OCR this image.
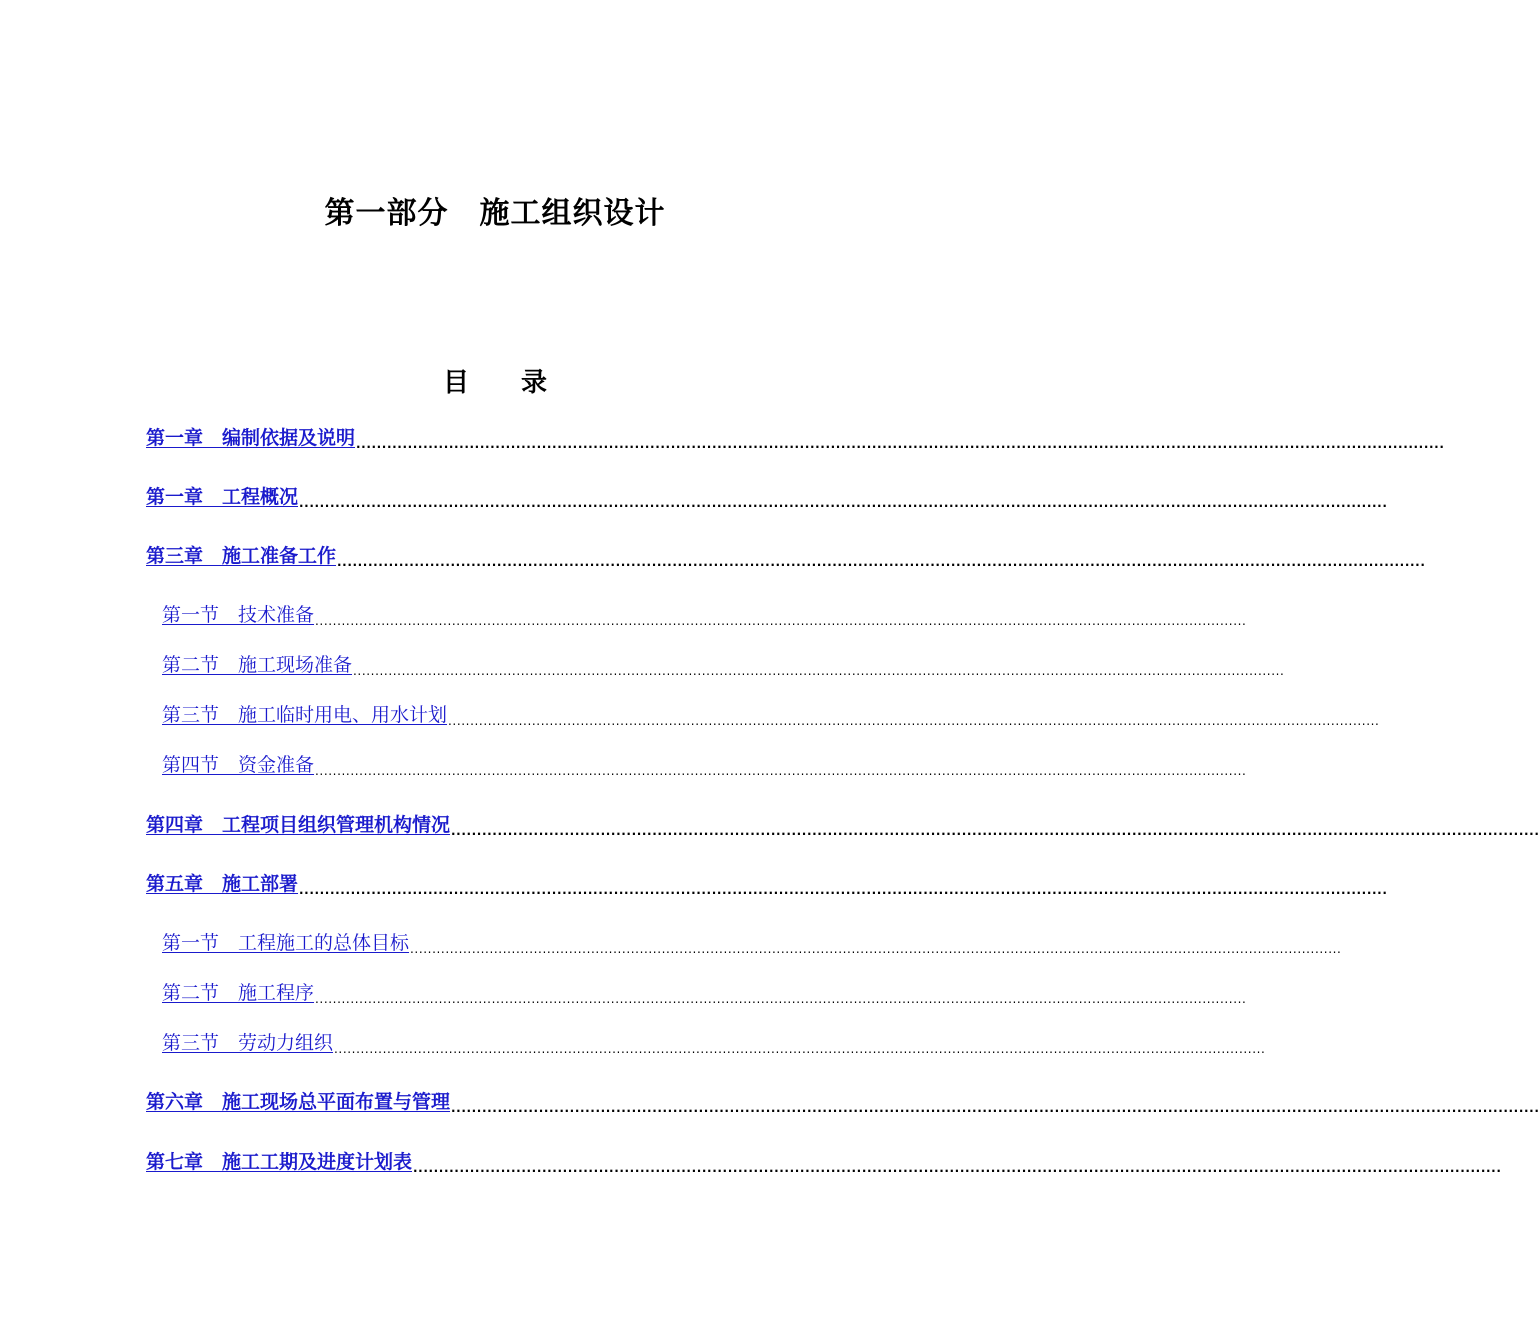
第一部分　施工组织设计
目　　录
第一章　编制依据及说明 ...................................................................................................................................................................................................................
第一章　工程概况 ...................................................................................................................................................................................................................
第三章　施工准备工作 ...................................................................................................................................................................................................................
第一节　技术准备 ...................................................................................................................................................................................................................
第二节　施工现场准备 ...................................................................................................................................................................................................................
第三节　施工临时用电、用水计划 ...................................................................................................................................................................................................................
第四节　资金准备 ...................................................................................................................................................................................................................
第四章　工程项目组织管理机构情况 ...................................................................................................................................................................................................................
第五章　施工部署 ...................................................................................................................................................................................................................
第一节　工程施工的总体目标 ...................................................................................................................................................................................................................
第二节　施工程序 ...................................................................................................................................................................................................................
第三节　劳动力组织 ...................................................................................................................................................................................................................
第六章　施工现场总平面布置与管理 ...................................................................................................................................................................................................................
第七章　施工工期及进度计划表 ...................................................................................................................................................................................................................
